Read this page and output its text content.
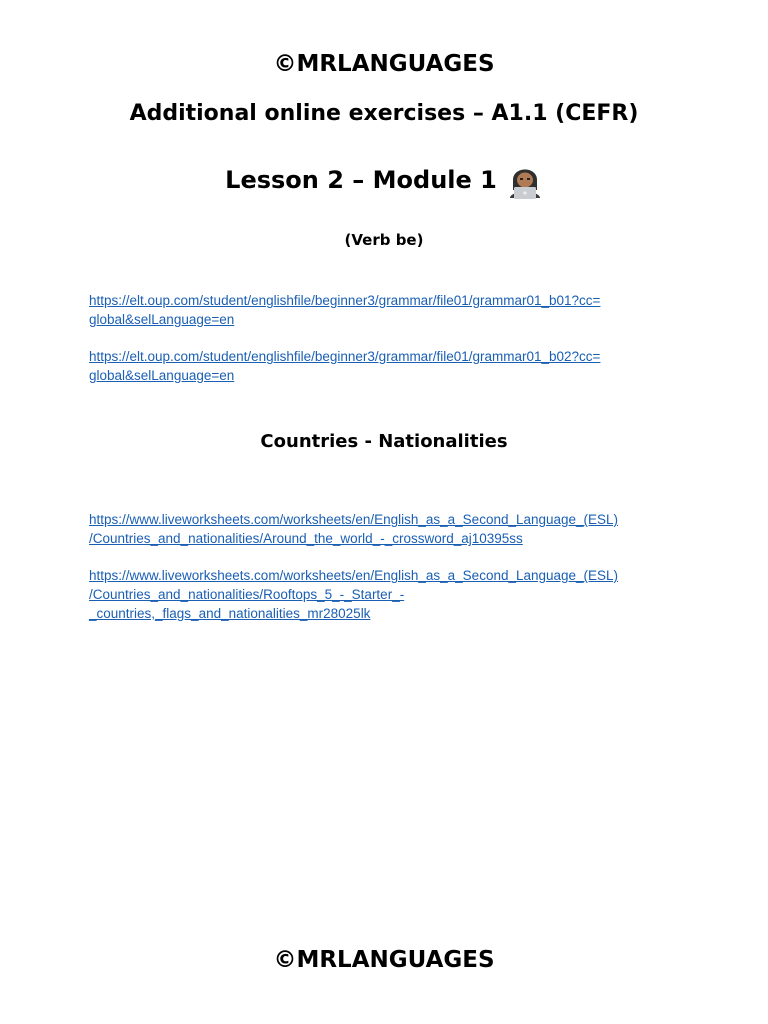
©MRLANGUAGES
Additional online exercises – A1.1 (CEFR)
Lesson 2 – Module 1
(Verb be)
https://elt.oup.com/student/englishfile/beginner3/grammar/file01/grammar01_b01?cc=
global&selLanguage=en
https://elt.oup.com/student/englishfile/beginner3/grammar/file01/grammar01_b02?cc=
global&selLanguage=en
Countries - Nationalities
https://www.liveworksheets.com/worksheets/en/English_as_a_Second_Language_(ESL)
/Countries_and_nationalities/Around_the_world_-_crossword_aj10395ss
https://www.liveworksheets.com/worksheets/en/English_as_a_Second_Language_(ESL)
/Countries_and_nationalities/Rooftops_5_-_Starter_-
_countries,_flags_and_nationalities_mr28025lk
©MRLANGUAGES
